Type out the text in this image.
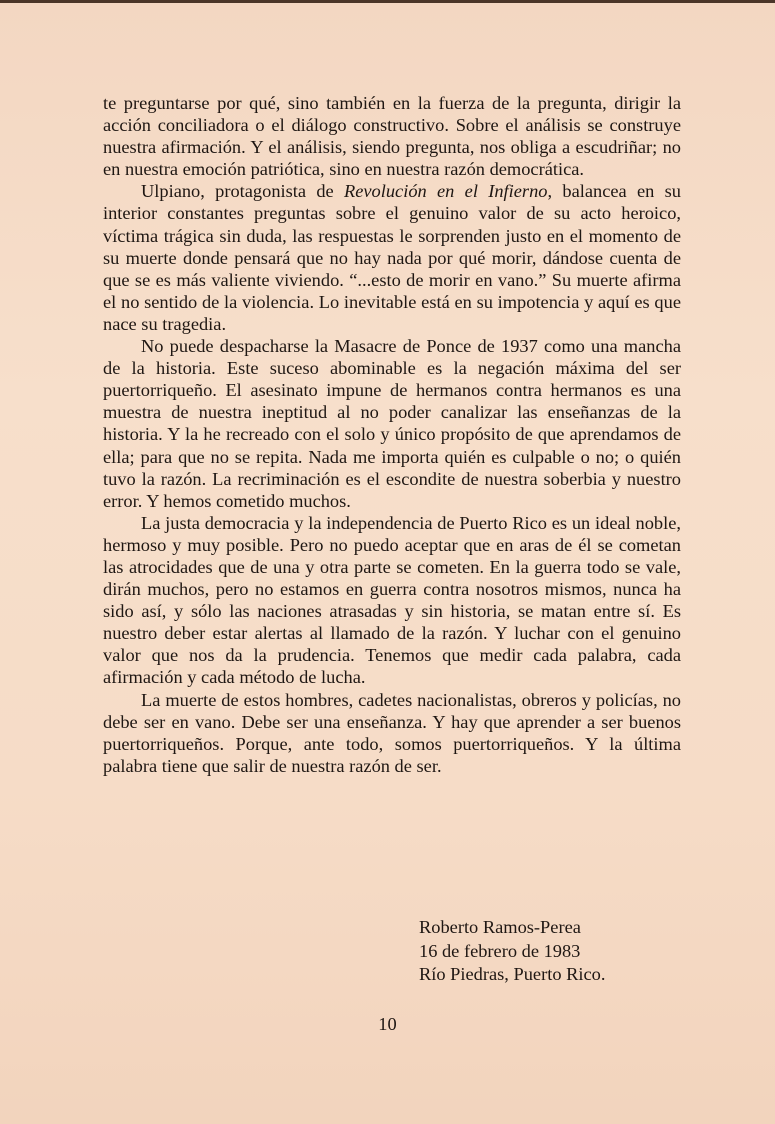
te preguntarse por qué, sino también en la fuerza de la pregunta, dirigir la acción conciliadora o el diálogo constructivo. Sobre el análisis se construye nuestra afirmación. Y el análisis, siendo pregunta, nos obliga a escudriñar; no en nuestra emoción patriótica, sino en nuestra razón democrática.

Ulpiano, protagonista de Revolución en el Infierno, balancea en su interior constantes preguntas sobre el genuino valor de su acto heroico, víctima trágica sin duda, las respuestas le sorprenden justo en el momento de su muerte donde pensará que no hay nada por qué morir, dándose cuenta de que se es más valiente viviendo. “...esto de morir en vano.” Su muerte afirma el no sentido de la violencia. Lo inevitable está en su impotencia y aquí es que nace su tragedia.

No puede despacharse la Masacre de Ponce de 1937 como una mancha de la historia. Este suceso abominable es la negación máxima del ser puertorriqueño. El asesinato impune de hermanos contra hermanos es una muestra de nuestra ineptitud al no poder canalizar las enseñanzas de la historia. Y la he recreado con el solo y único propósito de que aprendamos de ella; para que no se repita. Nada me importa quién es culpable o no; o quién tuvo la razón. La recriminación es el escondite de nuestra soberbia y nuestro error. Y hemos cometido muchos.

La justa democracia y la independencia de Puerto Rico es un ideal noble, hermoso y muy posible. Pero no puedo aceptar que en aras de él se cometan las atrocidades que de una y otra parte se cometen. En la guerra todo se vale, dirán muchos, pero no estamos en guerra contra nosotros mismos, nunca ha sido así, y sólo las naciones atrasadas y sin historia, se matan entre sí. Es nuestro deber estar alertas al llamado de la razón. Y luchar con el genuino valor que nos da la prudencia. Tenemos que medir cada palabra, cada afirmación y cada método de lucha.

La muerte de estos hombres, cadetes nacionalistas, obreros y policías, no debe ser en vano. Debe ser una enseñanza. Y hay que aprender a ser buenos puertorriqueños. Porque, ante todo, somos puertorriqueños. Y la última palabra tiene que salir de nuestra razón de ser.

Roberto Ramos-Perea
16 de febrero de 1983
Río Piedras, Puerto Rico.
10
